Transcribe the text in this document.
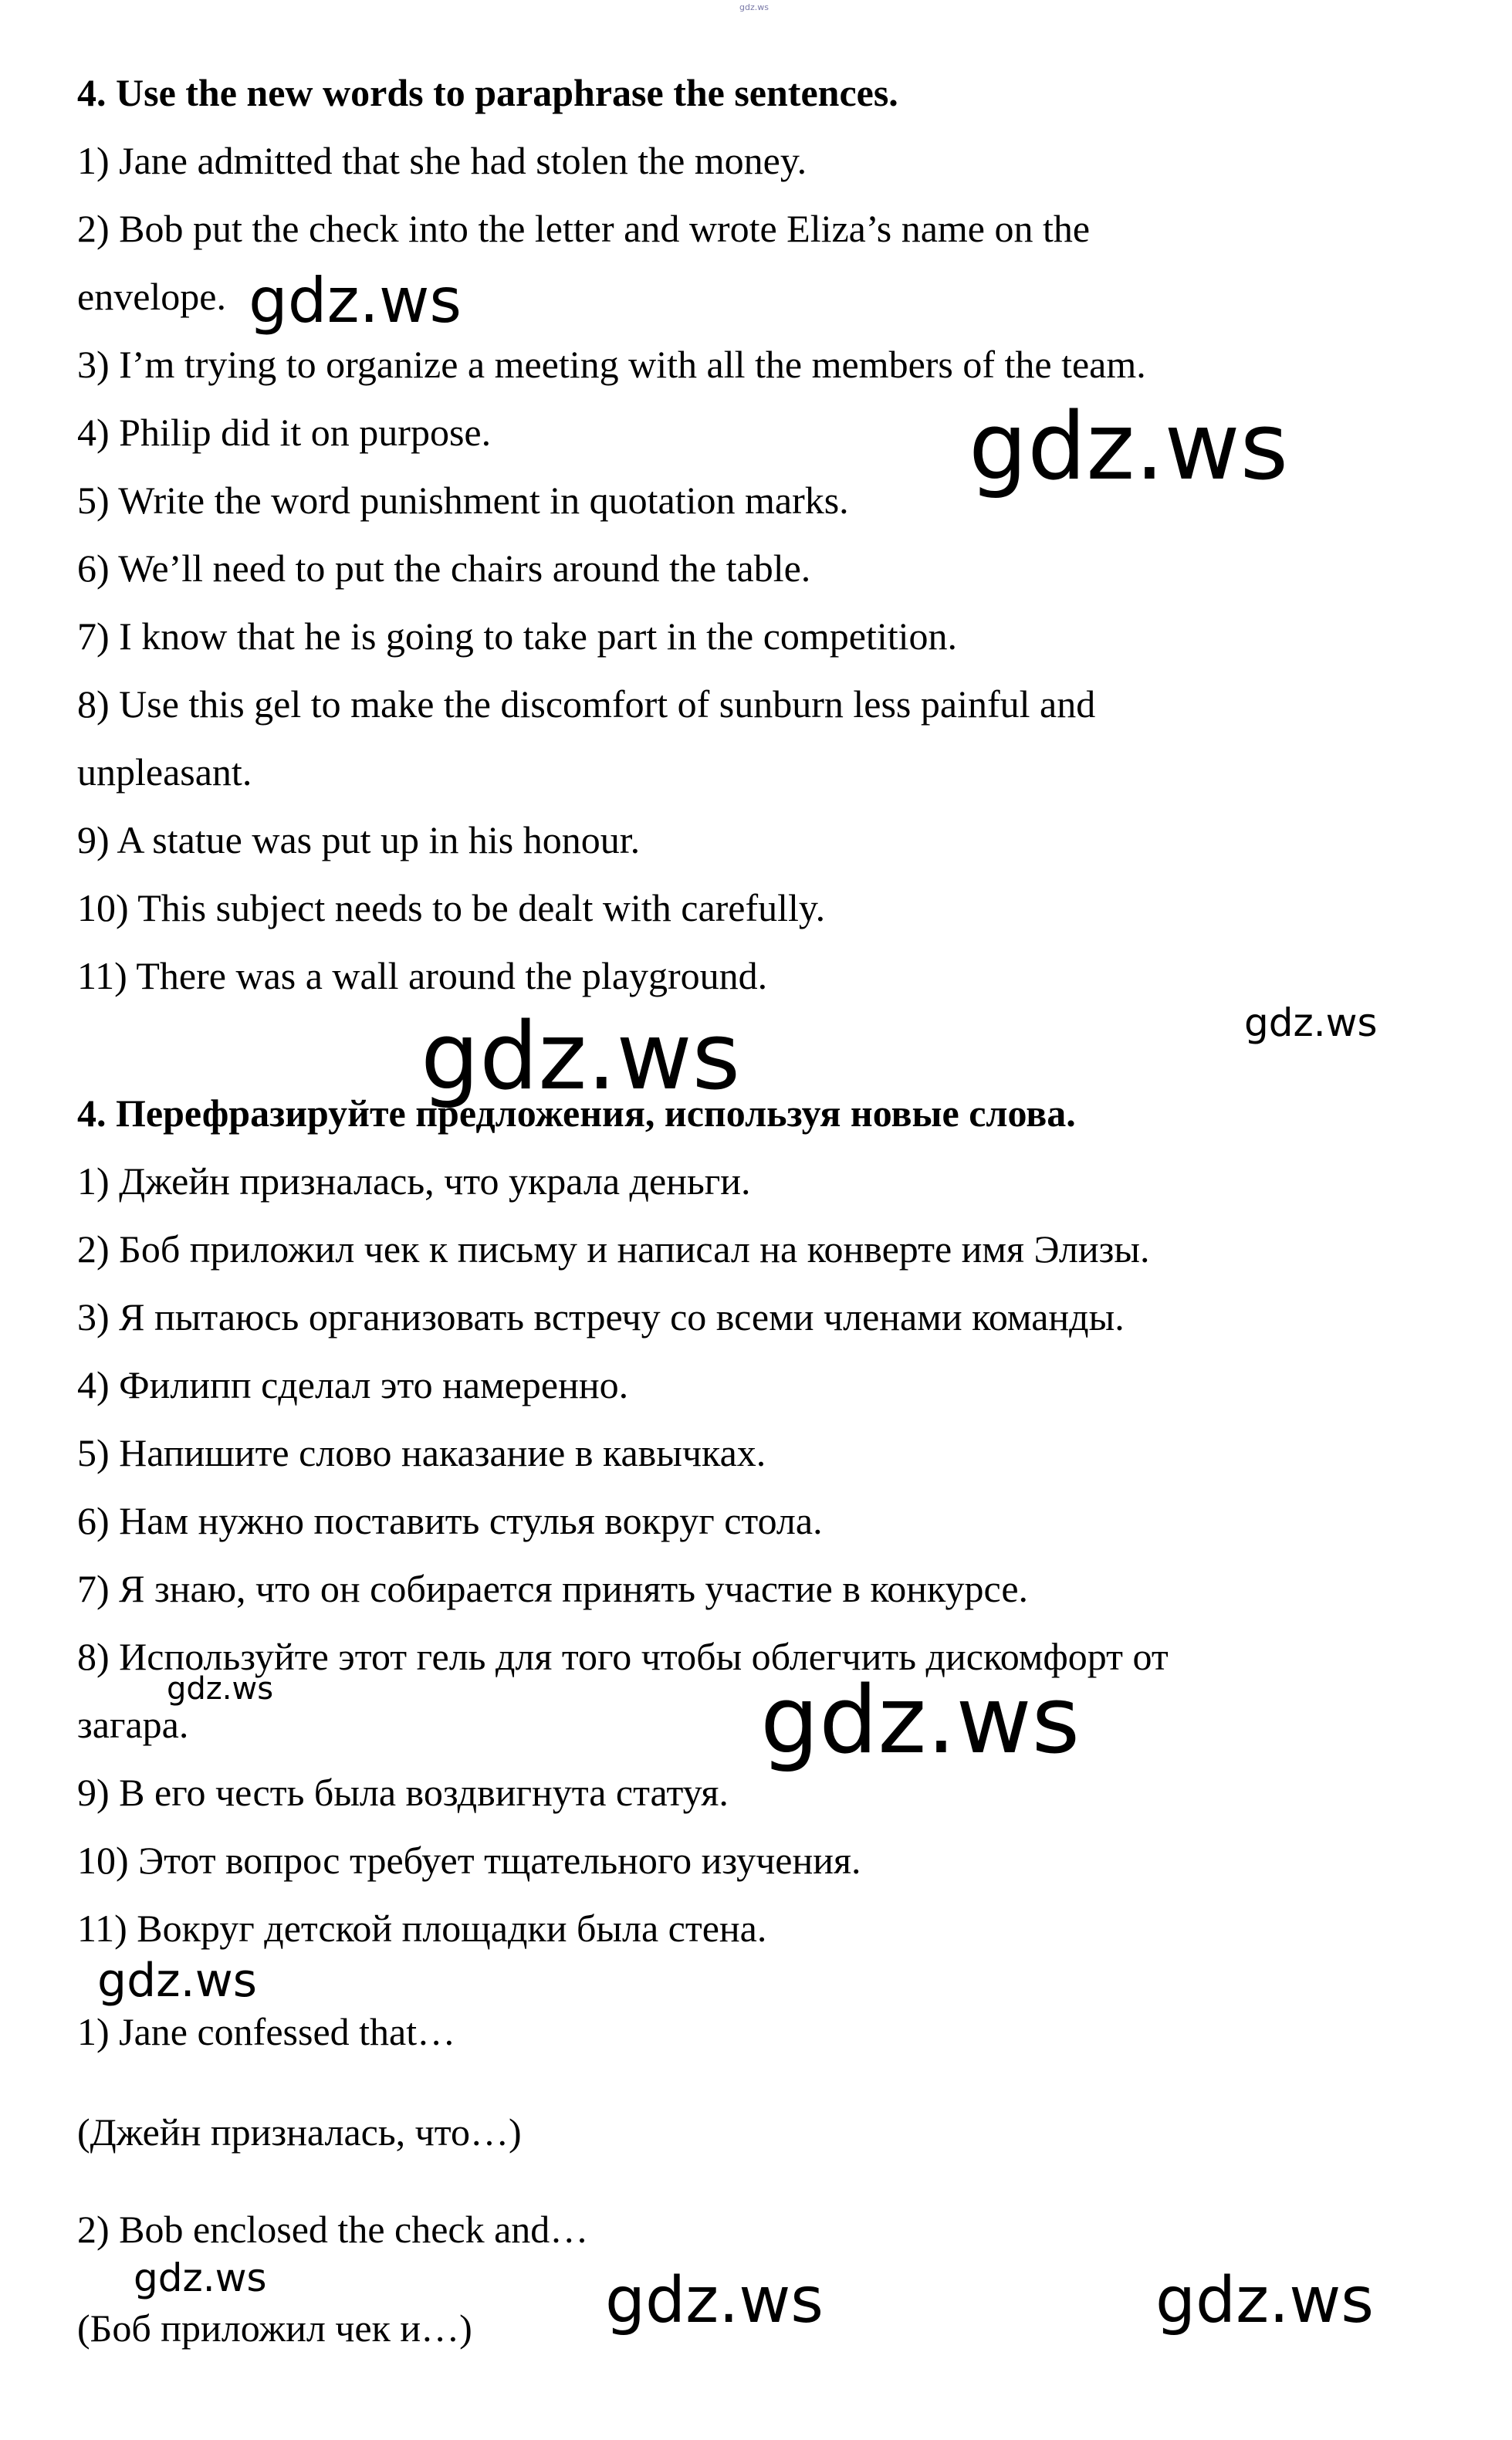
gdz.ws
4. Use the new words to paraphrase the sentences.
1) Jane admitted that she had stolen the money.
2) Bob put the check into the letter and wrote Eliza’s name on the
envelope.
3) I’m trying to organize a meeting with all the members of the team.
4) Philip did it on purpose.
5) Write the word punishment in quotation marks.
6) We’ll need to put the chairs around the table.
7) I know that he is going to take part in the competition.
8) Use this gel to make the discomfort of sunburn less painful and
unpleasant.
9) A statue was put up in his honour.
10) This subject needs to be dealt with carefully.
11) There was a wall around the playground.
4. Перефразируйте предложения, используя новые слова.
1) Джейн призналась, что украла деньги.
2) Боб приложил чек к письму и написал на конверте имя Элизы.
3) Я пытаюсь организовать встречу со всеми членами команды.
4) Филипп сделал это намеренно.
5) Напишите слово наказание в кавычках.
6) Нам нужно поставить стулья вокруг стола.
7) Я знаю, что он собирается принять участие в конкурсе.
8) Используйте этот гель для того чтобы облегчить дискомфорт от
загара.
9) В его честь была воздвигнута статуя.
10) Этот вопрос требует тщательного изучения.
11) Вокруг детской площадки была стена.
1) Jane confessed that…
(Джейн призналась, что…)
2) Bob enclosed the check and…
(Боб приложил чек и…)
gdz.ws
gdz.ws
gdz.ws	gdz.ws
gdz.ws	gdz.ws
gdz.ws
gdz.ws	gdz.ws	gdz.ws
